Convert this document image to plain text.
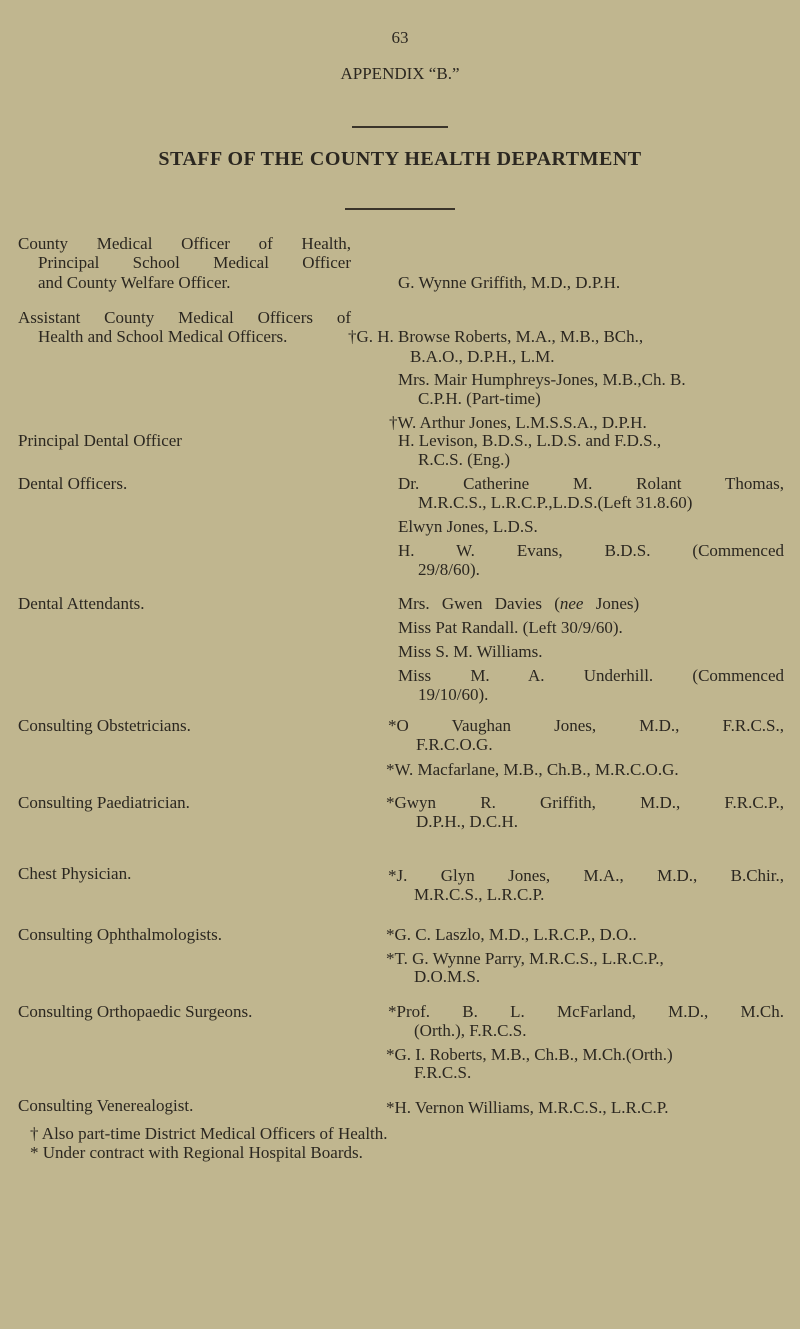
63
APPENDIX “B.”
STAFF OF THE COUNTY HEALTH DEPARTMENT
County Medical Officer of Health,
Principal School Medical Officer
and County Welfare Officer.	G. Wynne Griffith, M.D., D.P.H.
Assistant County Medical Officers of
Health and School Medical Officers.	†G. H. Browse Roberts, M.A., M.B., BCh.,
B.A.O., D.P.H., L.M.
Mrs. Mair Humphreys-Jones, M.B.,Ch. B.
C.P.H. (Part-time)
†W. Arthur Jones, L.M.S.S.A., D.P.H.
Principal Dental Officer	H. Levison, B.D.S., L.D.S. and F.D.S.,
R.C.S. (Eng.)
Dental Officers.	Dr. Catherine M. Rolant Thomas,
M.R.C.S., L.R.C.P.,L.D.S.(Left 31.8.60)
Elwyn Jones, L.D.S.
H. W. Evans, B.D.S. (Commenced
29/8/60).
Dental Attendants.	Mrs. Gwen Davies (nee Jones)
Miss Pat Randall. (Left 30/9/60).
Miss S. M. Williams.
Miss M. A. Underhill. (Commenced
19/10/60).
Consulting Obstetricians.	*O Vaughan Jones, M.D., F.R.C.S.,
F.R.C.O.G.
*W. Macfarlane, M.B., Ch.B., M.R.C.O.G.
Consulting Paediatrician.	*Gwyn R. Griffith, M.D., F.R.C.P.,
D.P.H., D.C.H.
Chest Physician.	*J. Glyn Jones, M.A., M.D., B.Chir.,
M.R.C.S., L.R.C.P.
Consulting Ophthalmologists.	*G. C. Laszlo, M.D., L.R.C.P., D.O..
*T. G. Wynne Parry, M.R.C.S., L.R.C.P.,
D.O.M.S.
Consulting Orthopaedic Surgeons.	*Prof. B. L. McFarland, M.D., M.Ch.
(Orth.), F.R.C.S.
*G. I. Roberts, M.B., Ch.B., M.Ch.(Orth.)
F.R.C.S.
Consulting Venerealogist.	*H. Vernon Williams, M.R.C.S., L.R.C.P.
† Also part-time District Medical Officers of Health.
* Under contract with Regional Hospital Boards.
